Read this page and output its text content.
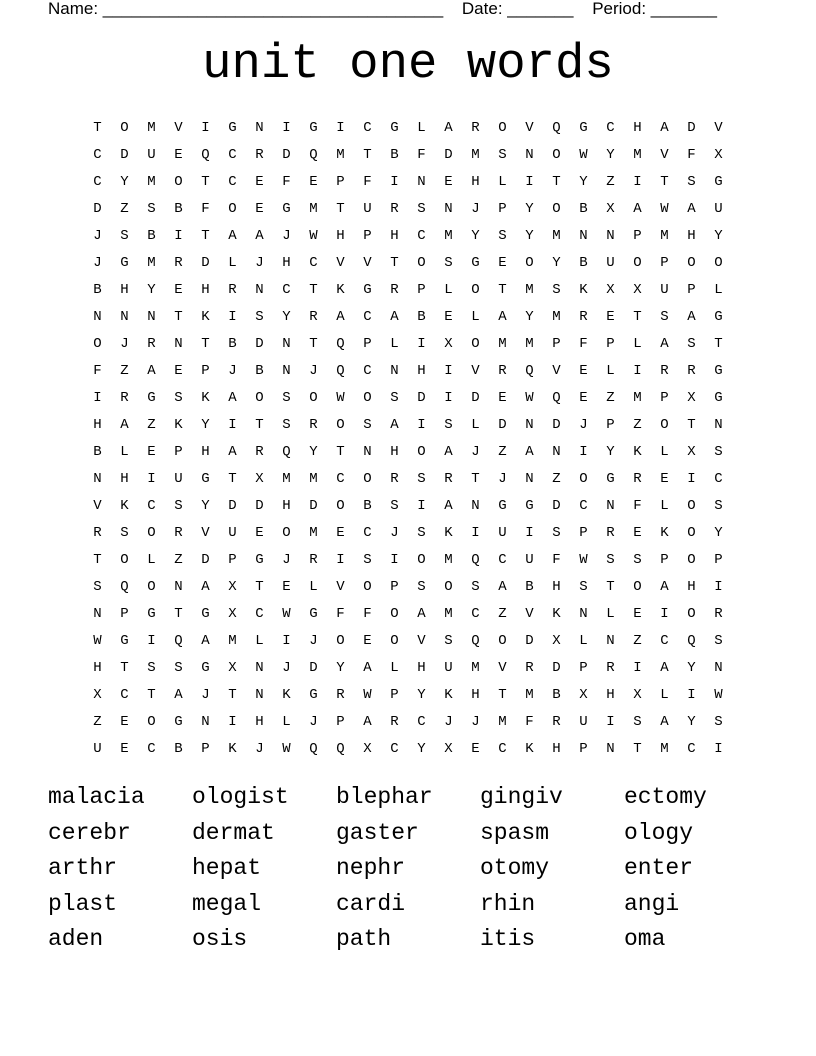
Name: ____________________________________ Date: _______ Period: _______
unit one words
T	O	M	V	I	G	N	I	G	I	C	G	L	A	R	O	V	Q	G	C	H	A	D	V
C	D	U	E	Q	C	R	D	Q	M	T	B	F	D	M	S	N	O	W	Y	M	V	F	X
C	Y	M	O	T	C	E	F	E	P	F	I	N	E	H	L	I	T	Y	Z	I	T	S	G
D	Z	S	B	F	O	E	G	M	T	U	R	S	N	J	P	Y	O	B	X	A	W	A	U
J	S	B	I	T	A	A	J	W	H	P	H	C	M	Y	S	Y	M	N	N	P	M	H	Y
J	G	M	R	D	L	J	H	C	V	V	T	O	S	G	E	O	Y	B	U	O	P	O	O
B	H	Y	E	H	R	N	C	T	K	G	R	P	L	O	T	M	S	K	X	X	U	P	L
N	N	N	T	K	I	S	Y	R	A	C	A	B	E	L	A	Y	M	R	E	T	S	A	G
O	J	R	N	T	B	D	N	T	Q	P	L	I	X	O	M	M	P	F	P	L	A	S	T
F	Z	A	E	P	J	B	N	J	Q	C	N	H	I	V	R	Q	V	E	L	I	R	R	G
I	R	G	S	K	A	O	S	O	W	O	S	D	I	D	E	W	Q	E	Z	M	P	X	G
H	A	Z	K	Y	I	T	S	R	O	S	A	I	S	L	D	N	D	J	P	Z	O	T	N
B	L	E	P	H	A	R	Q	Y	T	N	H	O	A	J	Z	A	N	I	Y	K	L	X	S
N	H	I	U	G	T	X	M	M	C	O	R	S	R	T	J	N	Z	O	G	R	E	I	C
V	K	C	S	Y	D	D	H	D	O	B	S	I	A	N	G	G	D	C	N	F	L	O	S
R	S	O	R	V	U	E	O	M	E	C	J	S	K	I	U	I	S	P	R	E	K	O	Y
T	O	L	Z	D	P	G	J	R	I	S	I	O	M	Q	C	U	F	W	S	S	P	O	P
S	Q	O	N	A	X	T	E	L	V	O	P	S	O	S	A	B	H	S	T	O	A	H	I
N	P	G	T	G	X	C	W	G	F	F	O	A	M	C	Z	V	K	N	L	E	I	O	R
W	G	I	Q	A	M	L	I	J	O	E	O	V	S	Q	O	D	X	L	N	Z	C	Q	S
H	T	S	S	G	X	N	J	D	Y	A	L	H	U	M	V	R	D	P	R	I	A	Y	N
X	C	T	A	J	T	N	K	G	R	W	P	Y	K	H	T	M	B	X	H	X	L	I	W
Z	E	O	G	N	I	H	L	J	P	A	R	C	J	J	M	F	R	U	I	S	A	Y	S
U	E	C	B	P	K	J	W	Q	Q	X	C	Y	X	E	C	K	H	P	N	T	M	C	I
malacia	ologist	blephar	gingiv	ectomy
cerebr	dermat	gaster	spasm	ology
arthr	hepat	nephr	otomy	enter
plast	megal	cardi	rhin	angi
aden	osis	path	itis	oma
